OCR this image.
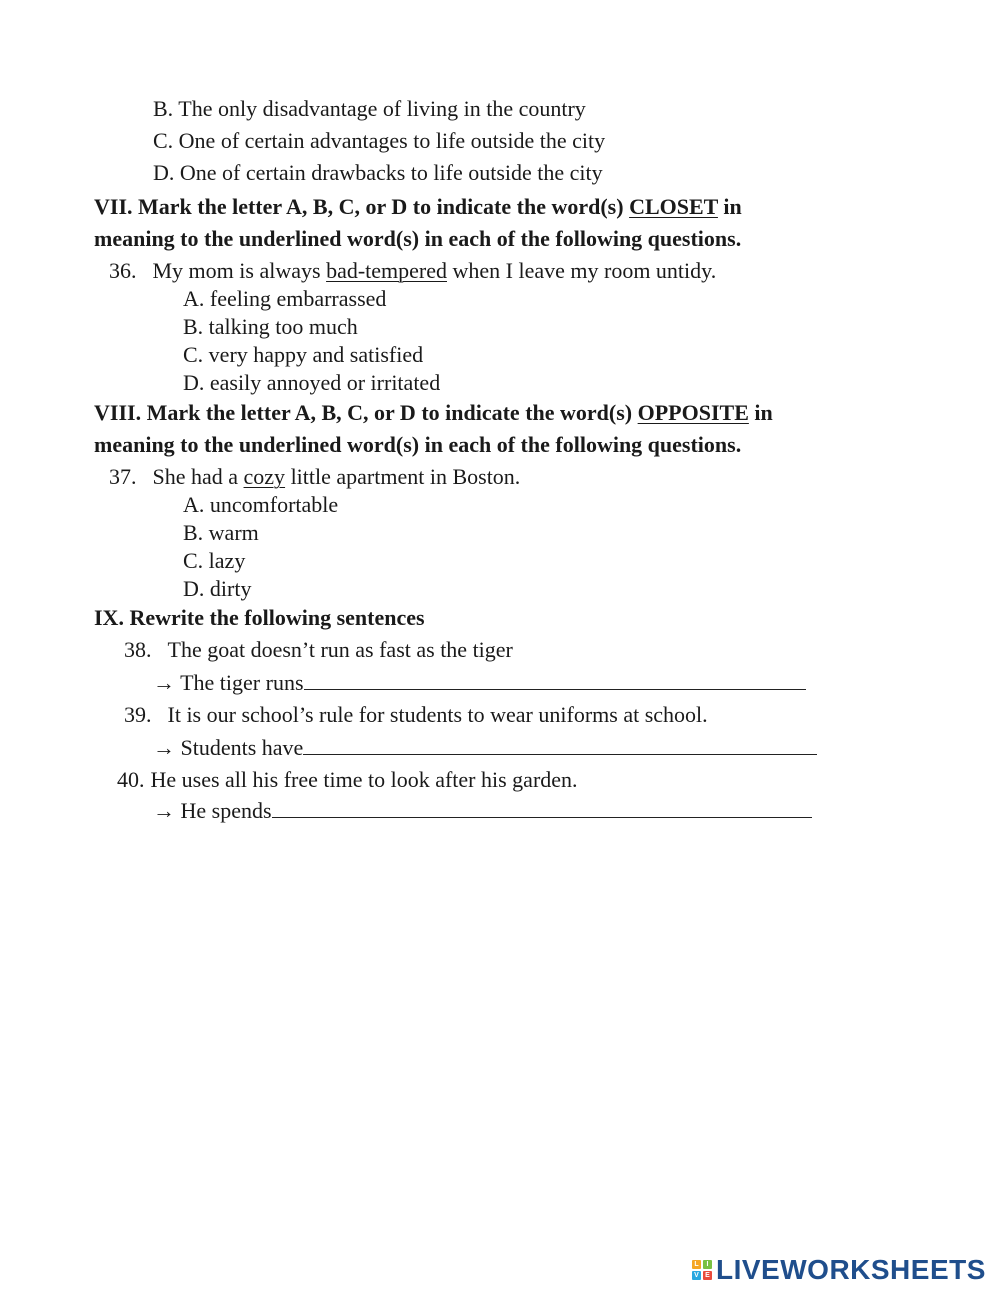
B. The only disadvantage of living in the country
C. One of certain advantages to life outside the city
D. One of certain drawbacks to life outside the city
VII. Mark the letter A, B, C, or D to indicate the word(s) CLOSET in
meaning to the underlined word(s) in each of the following questions.
36. My mom is always bad-tempered when I leave my room untidy.
A. feeling embarrassed
B. talking too much
C. very happy and satisfied
D. easily annoyed or irritated
VIII. Mark the letter A, B, C, or D to indicate the word(s) OPPOSITE in
meaning to the underlined word(s) in each of the following questions.
37. She had a cozy little apartment in Boston.
A. uncomfortable
B. warm
C. lazy
D. dirty
IX. Rewrite the following sentences
38. The goat doesn’t run as fast as the tiger
→ The tiger runs
39. It is our school’s rule for students to wear uniforms at school.
→ Students have
40. He uses all his free time to look after his garden.
→ He spends
L	I
V E LIVEWORKSHEETS
